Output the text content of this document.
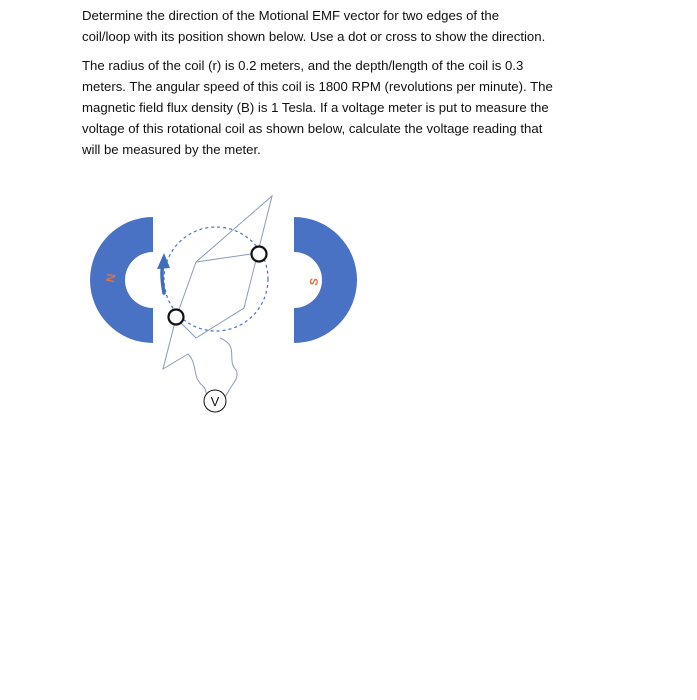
Determine the direction of the Motional EMF vector for two edges of the
coil/loop with its position shown below. Use a dot or cross to show the direction.
The radius of the coil (r) is 0.2 meters, and the depth/length of the coil is 0.3
meters. The angular speed of this coil is 1800 RPM (revolutions per minute). The
magnetic field flux density (B) is 1 Tesla. If a voltage meter is put to measure the
voltage of this rotational coil as shown below, calculate the voltage reading that
will be measured by the meter.
N	S
V
